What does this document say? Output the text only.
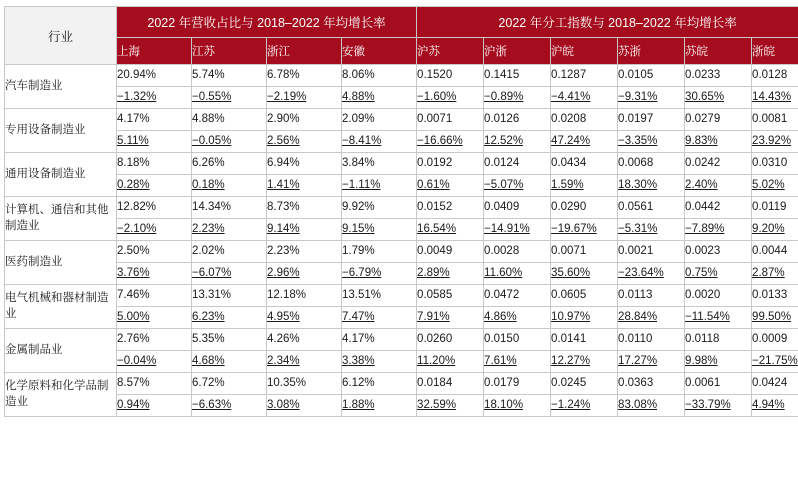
行业	2022 年营收占比与 2018–2022 年均增长率				2022 年分工指数与 2018–2022 年均增长率					
	上海	江苏	浙江	安徽	沪苏	沪浙	沪皖	苏浙	苏皖	浙皖
汽车制造业	20.94%	5.74%	6.78%	8.06%	0.1520	0.1415	0.1287	0.0105	0.0233	0.0128
	−1.32%	−0.55%	−2.19%	4.88%	−1.60%	−0.89%	−4.41%	−9.31%	30.65%	14.43%
专用设备制造业	4.17%	4.88%	2.90%	2.09%	0.0071	0.0126	0.0208	0.0197	0.0279	0.0081
	5.11%	−0.05%	2.56%	−8.41%	−16.66%	12.52%	47.24%	−3.35%	9.83%	23.92%
通用设备制造业	8.18%	6.26%	6.94%	3.84%	0.0192	0.0124	0.0434	0.0068	0.0242	0.0310
	0.28%	0.18%	1.41%	−1.11%	0.61%	−5.07%	1.59%	18.30%	2.40%	5.02%
计算机、通信和其他制造业	12.82%	14.34%	8.73%	9.92%	0.0152	0.0409	0.0290	0.0561	0.0442	0.0119
	−2.10%	2.23%	9.14%	9.15%	16.54%	−14.91%	−19.67%	−5.31%	−7.89%	9.20%
医药制造业	2.50%	2.02%	2.23%	1.79%	0.0049	0.0028	0.0071	0.0021	0.0023	0.0044
	3.76%	−6.07%	2.96%	−6.79%	2.89%	11.60%	35.60%	−23.64%	0.75%	2.87%
电气机械和器材制造业	7.46%	13.31%	12.18%	13.51%	0.0585	0.0472	0.0605	0.0113	0.0020	0.0133
	5.00%	6.23%	4.95%	7.47%	7.91%	4.86%	10.97%	28.84%	−11.54%	99.50%
金属制品业	2.76%	5.35%	4.26%	4.17%	0.0260	0.0150	0.0141	0.0110	0.0118	0.0009
	−0.04%	4.68%	2.34%	3.38%	11.20%	7.61%	12.27%	17.27%	9.98%	−21.75%
化学原料和化学品制造业	8.57%	6.72%	10.35%	6.12%	0.0184	0.0179	0.0245	0.0363	0.0061	0.0424
	0.94%	−6.63%	3.08%	1.88%	32.59%	18.10%	−1.24%	83.08%	−33.79%	4.94%
